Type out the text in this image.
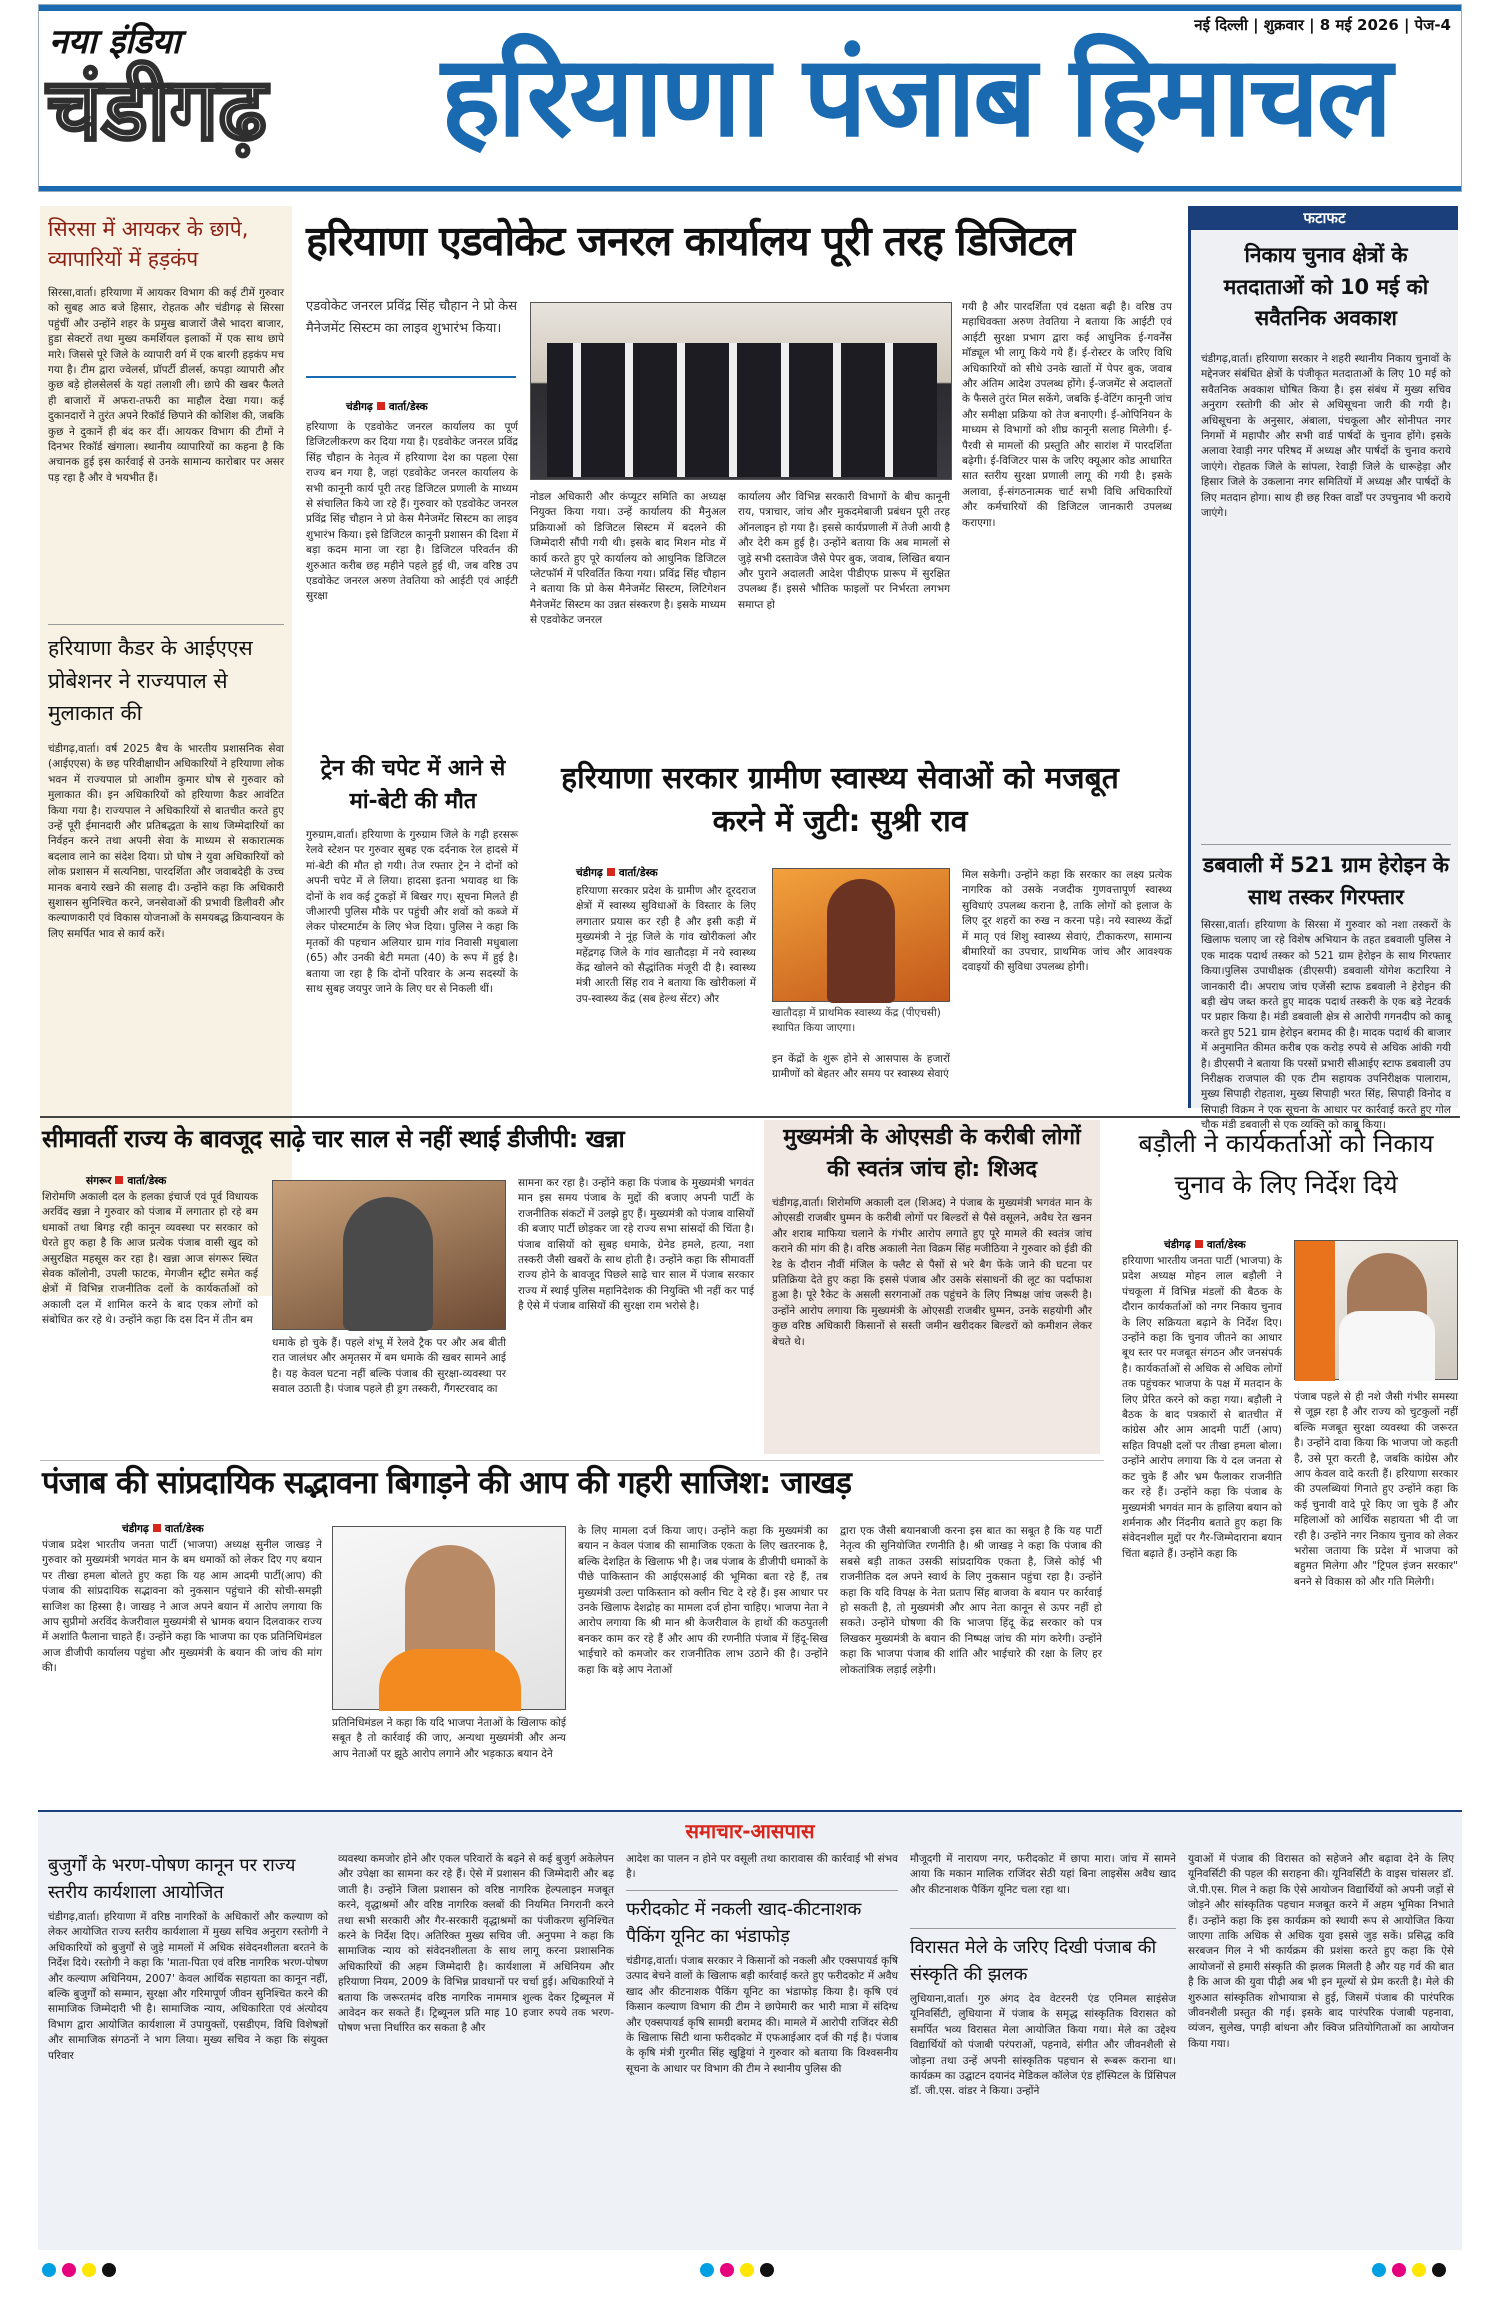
नया इंडिया
चंडीगढ़ हरियाणा पंजाब हिमाचल
नई दिल्ली | शुक्रवार | 8 मई 2026 | पेज-4
सिरसा में आयकर के छापे, व्यापारियों में हड़कंप
सिरसा,वार्ता। हरियाणा में आयकर विभाग की कई टीमें गुरुवार को सुबह आठ बजे हिसार, रोहतक और चंडीगढ़ से सिरसा पहुंचीं और उन्होंने शहर के प्रमुख बाजारों जैसे भादरा बाजार, हुडा सेक्टरों तथा मुख्य कमर्शियल इलाकों में एक साथ छापे मारे। जिससे पूरे जिले के व्यापारी वर्ग में एक बारगी हड़कंप मच गया है। टीम द्वारा ज्वेलर्स, प्रॉपर्टी डीलर्स, कपड़ा व्यापारी और कुछ बड़े होलसेलर्स के यहां तलाशी ली। छापे की खबर फैलते ही बाजारों में अफरा-तफरी का माहौल देखा गया। कई दुकानदारों ने तुरंत अपने रिकॉर्ड छिपाने की कोशिश की, जबकि कुछ ने दुकानें ही बंद कर दीं। आयकर विभाग की टीमों ने दिनभर रिकॉर्ड खंगाला। स्थानीय व्यापारियों का कहना है कि अचानक हुई इस कार्रवाई से उनके सामान्य कारोबार पर असर पड़ रहा है और वे भयभीत हैं।
हरियाणा कैडर के आईएएस प्रोबेशनर ने राज्यपाल से मुलाकात की
चंडीगढ़,वार्ता। वर्ष 2025 बैच के भारतीय प्रशासनिक सेवा (आईएएस) के छह परिवीक्षाधीन अधिकारियों ने हरियाणा लोक भवन में राज्यपाल प्रो आशीम कुमार घोष से गुरुवार को मुलाकात की। इन अधिकारियों को हरियाणा कैडर आवंटित किया गया है। राज्यपाल ने अधिकारियों से बातचीत करते हुए उन्हें पूरी ईमानदारी और प्रतिबद्धता के साथ जिम्मेदारियों का निर्वहन करने तथा अपनी सेवा के माध्यम से सकारात्मक बदलाव लाने का संदेश दिया। प्रो घोष ने युवा अधिकारियों को लोक प्रशासन में सत्यनिष्ठा, पारदर्शिता और जवाबदेही के उच्च मानक बनाये रखने की सलाह दी। उन्होंने कहा कि अधिकारी सुशासन सुनिश्चित करने, जनसेवाओं की प्रभावी डिलीवरी और कल्याणकारी एवं विकास योजनाओं के समयबद्ध क्रियान्वयन के लिए समर्पित भाव से कार्य करें।
हरियाणा एडवोकेट जनरल कार्यालय पूरी तरह डिजिटल
एडवोकेट जनरल प्रविंद्र सिंह चौहान ने प्रो केस मैनेजमेंट सिस्टम का लाइव शुभारंभ किया।
चंडीगढ़ वार्ता/डेस्क
हरियाणा के एडवोकेट जनरल कार्यालय का पूर्ण डिजिटलीकरण कर दिया गया है। एडवोकेट जनरल प्रविंद्र सिंह चौहान के नेतृत्व में हरियाणा देश का पहला ऐसा राज्य बन गया है, जहां एडवोकेट जनरल कार्यालय के सभी कानूनी कार्य पूरी तरह डिजिटल प्रणाली के माध्यम से संचालित किये जा रहे हैं। गुरुवार को एडवोकेट जनरल प्रविंद्र सिंह चौहान ने प्रो केस मैनेजमेंट सिस्टम का लाइव शुभारंभ किया। इसे डिजिटल कानूनी प्रशासन की दिशा में बड़ा कदम माना जा रहा है। डिजिटल परिवर्तन की शुरुआत करीब छह महीने पहले हुई थी, जब वरिष्ठ उप एडवोकेट जनरल अरुण तेवतिया को आईटी एवं आईटी सुरक्षा
नोडल अधिकारी और कंप्यूटर समिति का अध्यक्ष नियुक्त किया गया। उन्हें कार्यालय की मैनुअल प्रक्रियाओं को डिजिटल सिस्टम में बदलने की जिम्मेदारी सौंपी गयी थी। इसके बाद मिशन मोड में कार्य करते हुए पूरे कार्यालय को आधुनिक डिजिटल प्लेटफॉर्म में परिवर्तित किया गया। प्रविंद्र सिंह चौहान ने बताया कि प्रो केस मैनेजमेंट सिस्टम, लिटिगेशन मैनेजमेंट सिस्टम का उन्नत संस्करण है। इसके माध्यम से एडवोकेट जनरल
कार्यालय और विभिन्न सरकारी विभागों के बीच कानूनी राय, पत्राचार, जांच और मुकदमेबाजी प्रबंधन पूरी तरह ऑनलाइन हो गया है। इससे कार्यप्रणाली में तेजी आयी है और देरी कम हुई है। उन्होंने बताया कि अब मामलों से जुड़े सभी दस्तावेज जैसे पेपर बुक, जवाब, लिखित बयान और पुराने अदालती आदेश पीडीएफ प्रारूप में सुरक्षित उपलब्ध हैं। इससे भौतिक फाइलों पर निर्भरता लगभग समाप्त हो
गयी है और पारदर्शिता एवं दक्षता बढ़ी है। वरिष्ठ उप महाधिवक्ता अरुण तेवतिया ने बताया कि आईटी एवं आईटी सुरक्षा प्रभाग द्वारा कई आधुनिक ई-गवर्नेंस मॉड्यूल भी लागू किये गये हैं। ई-रोस्टर के जरिए विधि अधिकारियों को सीधे उनके खातों में पेपर बुक, जवाब और अंतिम आदेश उपलब्ध होंगे। ई-जजमेंट से अदालतों के फैसले तुरंत मिल सकेंगे, जबकि ई-वेटिंग कानूनी जांच और समीक्षा प्रक्रिया को तेज बनाएगी। ई-ओपिनियन के माध्यम से विभागों को शीघ्र कानूनी सलाह मिलेगी। ई-पैरवी से मामलों की प्रस्तुति और सारांश में पारदर्शिता बढ़ेगी। ई-विजिटर पास के जरिए क्यूआर कोड आधारित सात स्तरीय सुरक्षा प्रणाली लागू की गयी है। इसके अलावा, ई-संगठनात्मक चार्ट सभी विधि अधिकारियों और कर्मचारियों की डिजिटल जानकारी उपलब्ध कराएगा।
ट्रेन की चपेट में आने से मां-बेटी की मौत
गुरुग्राम,वार्ता। हरियाणा के गुरुग्राम जिले के गढ़ी हरसरू रेलवे स्टेशन पर गुरुवार सुबह एक दर्दनाक रेल हादसे में मां-बेटी की मौत हो गयी। तेज रफ्तार ट्रेन ने दोनों को अपनी चपेट में ले लिया। हादसा इतना भयावह था कि दोनों के शव कई टुकड़ों में बिखर गए। सूचना मिलते ही जीआरपी पुलिस मौके पर पहुंची और शवों को कब्जे में लेकर पोस्टमार्टम के लिए भेज दिया। पुलिस ने कहा कि मृतकों की पहचान अलियार ग्राम गांव निवासी मधुबाला (65) और उनकी बेटी ममता (40) के रूप में हुई है। बताया जा रहा है कि दोनों परिवार के अन्य सदस्यों के साथ सुबह जयपुर जाने के लिए घर से निकली थीं।
हरियाणा सरकार ग्रामीण स्वास्थ्य सेवाओं को मजबूत करने में जुटी: सुश्री राव
चंडीगढ़ वार्ता/डेस्क
हरियाणा सरकार प्रदेश के ग्रामीण और दूरदराज क्षेत्रों में स्वास्थ्य सुविधाओं के विस्तार के लिए लगातार प्रयास कर रही है और इसी कड़ी में मुख्यमंत्री ने नूंह जिले के गांव खोरीकलां और महेंद्रगढ़ जिले के गांव खातौदड़ा में नये स्वास्थ्य केंद्र खोलने को सैद्धांतिक मंजूरी दी है। स्वास्थ्य मंत्री आरती सिंह राव ने बताया कि खोरीकलां में उप-स्वास्थ्य केंद्र (सब हेल्थ सेंटर) और
खातौदड़ा में प्राथमिक स्वास्थ्य केंद्र (पीएचसी) स्थापित किया जाएगा।
इन केंद्रों के शुरू होने से आसपास के हजारों ग्रामीणों को बेहतर और समय पर स्वास्थ्य सेवाएं
मिल सकेगी। उन्होंने कहा कि सरकार का लक्ष्य प्रत्येक नागरिक को उसके नजदीक गुणवत्तापूर्ण स्वास्थ्य सुविधाएं उपलब्ध कराना है, ताकि लोगों को इलाज के लिए दूर शहरों का रुख न करना पड़े। नये स्वास्थ्य केंद्रों में मातृ एवं शिशु स्वास्थ्य सेवाएं, टीकाकरण, सामान्य बीमारियों का उपचार, प्राथमिक जांच और आवश्यक दवाइयों की सुविधा उपलब्ध होगी।
फटाफट
निकाय चुनाव क्षेत्रों के मतदाताओं को 10 मई को सवैतनिक अवकाश
चंडीगढ़,वार्ता। हरियाणा सरकार ने शहरी स्थानीय निकाय चुनावों के मद्देनजर संबंधित क्षेत्रों के पंजीकृत मतदाताओं के लिए 10 मई को सवैतनिक अवकाश घोषित किया है। इस संबंध में मुख्य सचिव अनुराग रस्तोगी की ओर से अधिसूचना जारी की गयी है। अधिसूचना के अनुसार, अंबाला, पंचकूला और सोनीपत नगर निगमों में महापौर और सभी वार्ड पार्षदों के चुनाव होंगे। इसके अलावा रेवाड़ी नगर परिषद में अध्यक्ष और पार्षदों के चुनाव कराये जाएंगे। रोहतक जिले के सांपला, रेवाड़ी जिले के धारूहेड़ा और हिसार जिले के उकलाना नगर समितियों में अध्यक्ष और पार्षदों के लिए मतदान होगा। साथ ही छह रिक्त वार्डों पर उपचुनाव भी कराये जाएंगे।
डबवाली में 521 ग्राम हेरोइन के साथ तस्कर गिरफ्तार
सिरसा,वार्ता। हरियाणा के सिरसा में गुरुवार को नशा तस्करों के खिलाफ चलाए जा रहे विशेष अभियान के तहत डबवाली पुलिस ने एक मादक पदार्थ तस्कर को 521 ग्राम हेरोइन के साथ गिरफ्तार किया।पुलिस उपाधीक्षक (डीएसपी) डबवाली योगेश कटारिया ने जानकारी दी। अपराध जांच एजेंसी स्टाफ डबवाली ने हेरोइन की बड़ी खेप जब्त करते हुए मादक पदार्थ तस्करी के एक बड़े नेटवर्क पर प्रहार किया है। मंडी डबवाली क्षेत्र से आरोपी गगनदीप को काबू करते हुए 521 ग्राम हेरोइन बरामद की है। मादक पदार्थ की बाजार में अनुमानित कीमत करीब एक करोड़ रुपये से अधिक आंकी गयी है। डीएसपी ने बताया कि परसों प्रभारी सीआईए स्टाफ डबवाली उप निरीक्षक राजपाल की एक टीम सहायक उपनिरीक्षक पालाराम, मुख्य सिपाही रोहताश, मुख्य सिपाही भरत सिंह, सिपाही विनोद व सिपाही विक्रम ने एक सूचना के आधार पर कार्रवाई करते हुए गोल चौक मंडी डबवाली से एक व्यक्ति को काबू किया।
सीमावर्ती राज्य के बावजूद साढ़े चार साल से नहीं स्थाई डीजीपी: खन्ना
संगरूर वार्ता/डेस्क
शिरोमणि अकाली दल के हलका इंचार्ज एवं पूर्व विधायक अरविंद खन्ना ने गुरुवार को पंजाब में लगातार हो रहे बम धमाकों तथा बिगड़ रही कानून व्यवस्था पर सरकार को घेरते हुए कहा है कि आज प्रत्येक पंजाब वासी खुद को असुरक्षित महसूस कर रहा है। खन्ना आज संगरूर स्थित सेवक कॉलोनी, उपली फाटक, मेगजीन स्ट्रीट समेत कई क्षेत्रों में विभिन्न राजनीतिक दलों के कार्यकर्ताओं को अकाली दल में शामिल करने के बाद एकत्र लोगों को संबोधित कर रहे थे। उन्होंने कहा कि दस दिन में तीन बम
धमाके हो चुके हैं। पहले शंभू में रेलवे ट्रैक पर और अब बीती रात जालंधर और अमृतसर में बम धमाके की खबर सामने आई है। यह केवल घटना नहीं बल्कि पंजाब की सुरक्षा-व्यवस्था पर सवाल उठाती है। पंजाब पहले ही ड्रग तस्करी, गैंगस्टरवाद का
सामना कर रहा है। उन्होंने कहा कि पंजाब के मुख्यमंत्री भगवंत मान इस समय पंजाब के मुद्दों की बजाए अपनी पार्टी के राजनीतिक संकटों में उलझे हुए हैं। मुख्यमंत्री को पंजाब वासियों की बजाए पार्टी छोड़कर जा रहे राज्य सभा सांसदों की चिंता है। पंजाब वासियों को सुबह धमाके, ग्रेनेड हमले, हत्या, नशा तस्करी जैसी खबरों के साथ होती है। उन्होंने कहा कि सीमावर्ती राज्य होने के बावजूद पिछले साढ़े चार साल में पंजाब सरकार राज्य में स्थाई पुलिस महानिदेशक की नियुक्ति भी नहीं कर पाई है ऐसे में पंजाब वासियों की सुरक्षा राम भरोसे है।
मुख्यमंत्री के ओएसडी के करीबी लोगों की स्वतंत्र जांच हो: शिअद
चंडीगढ़,वार्ता। शिरोमणि अकाली दल (शिअद) ने पंजाब के मुख्यमंत्री भगवंत मान के ओएसडी राजबीर घुम्मन के करीबी लोगों पर बिल्डरों से पैसे वसूलने, अवैध रेत खनन और शराब माफिया चलाने के गंभीर आरोप लगाते हुए पूरे मामले की स्वतंत्र जांच कराने की मांग की है। वरिष्ठ अकाली नेता विक्रम सिंह मजीठिया ने गुरुवार को ईडी की रेड के दौरान नौवीं मंजिल के फ्लैट से पैसों से भरे बैग फेंके जाने की घटना पर प्रतिक्रिया देते हुए कहा कि इससे पंजाब और उसके संसाधनों की लूट का पर्दाफाश हुआ है। पूरे रैकेट के असली सरगनाओं तक पहुंचने के लिए निष्पक्ष जांच जरूरी है। उन्होंने आरोप लगाया कि मुख्यमंत्री के ओएसडी राजबीर घुम्मन, उनके सहयोगी और कुछ वरिष्ठ अधिकारी किसानों से सस्ती जमीन खरीदकर बिल्डरों को कमीशन लेकर बेचते थे।
बड़ौली ने कार्यकर्ताओं को निकाय चुनाव के लिए निर्देश दिये
चंडीगढ़ वार्ता/डेस्क
हरियाणा भारतीय जनता पार्टी (भाजपा) के प्रदेश अध्यक्ष मोहन लाल बड़ौली ने पंचकूला में विभिन्न मंडलों की बैठक के दौरान कार्यकर्ताओं को नगर निकाय चुनाव के लिए सक्रियता बढ़ाने के निर्देश दिए। उन्होंने कहा कि चुनाव जीतने का आधार बूथ स्तर पर मजबूत संगठन और जनसंपर्क है। कार्यकर्ताओं से अधिक से अधिक लोगों तक पहुंचकर भाजपा के पक्ष में मतदान के लिए प्रेरित करने को कहा गया। बड़ौली ने बैठक के बाद पत्रकारों से बातचीत में कांग्रेस और आम आदमी पार्टी (आप) सहित विपक्षी दलों पर तीखा हमला बोला। उन्होंने आरोप लगाया कि ये दल जनता से कट चुके हैं और भ्रम फैलाकर राजनीति कर रहे हैं। उन्होंने कहा कि पंजाब के मुख्यमंत्री भगवंत मान के हालिया बयान को शर्मनाक और निंदनीय बताते हुए कहा कि संवेदनशील मुद्दों पर गैर-जिम्मेदाराना बयान चिंता बढ़ाते हैं। उन्होंने कहा कि
पंजाब पहले से ही नशे जैसी गंभीर समस्या से जूझ रहा है और राज्य को चुटकुलों नहीं बल्कि मजबूत सुरक्षा व्यवस्था की जरूरत है। उन्होंने दावा किया कि भाजपा जो कहती है, उसे पूरा करती है, जबकि कांग्रेस और आप केवल वादे करती हैं। हरियाणा सरकार की उपलब्धियां गिनाते हुए उन्होंने कहा कि कई चुनावी वादे पूरे किए जा चुके हैं और महिलाओं को आर्थिक सहायता भी दी जा रही है। उन्होंने नगर निकाय चुनाव को लेकर भरोसा जताया कि प्रदेश में भाजपा को बहुमत मिलेगा और "ट्रिपल इंजन सरकार" बनने से विकास को और गति मिलेगी।
पंजाब की सांप्रदायिक सद्भावना बिगाड़ने की आप की गहरी साजिश: जाखड़
चंडीगढ़ वार्ता/डेस्क
पंजाब प्रदेश भारतीय जनता पार्टी (भाजपा) अध्यक्ष सुनील जाखड़ ने गुरुवार को मुख्यमंत्री भगवंत मान के बम धमाकों को लेकर दिए गए बयान पर तीखा हमला बोलते हुए कहा कि यह आम आदमी पार्टी(आप) की पंजाब की सांप्रदायिक सद्भावना को नुकसान पहुंचाने की सोची-समझी साजिश का हिस्सा है। जाखड़ ने आज अपने बयान में आरोप लगाया कि आप सुप्रीमो अरविंद केजरीवाल मुख्यमंत्री से भ्रामक बयान दिलवाकर राज्य में अशांति फैलाना चाहते हैं। उन्होंने कहा कि भाजपा का एक प्रतिनिधिमंडल आज डीजीपी कार्यालय पहुंचा और मुख्यमंत्री के बयान की जांच की मांग की।
प्रतिनिधिमंडल ने कहा कि यदि भाजपा नेताओं के खिलाफ कोई सबूत है तो कार्रवाई की जाए, अन्यथा मुख्यमंत्री और अन्य आप नेताओं पर झूठे आरोप लगाने और भड़काऊ बयान देने
के लिए मामला दर्ज किया जाए। उन्होंने कहा कि मुख्यमंत्री का बयान न केवल पंजाब की सामाजिक एकता के लिए खतरनाक है, बल्कि देशहित के खिलाफ भी है। जब पंजाब के डीजीपी धमाकों के पीछे पाकिस्तान की आईएसआई की भूमिका बता रहे हैं, तब मुख्यमंत्री उल्टा पाकिस्तान को क्लीन चिट दे रहे हैं। इस आधार पर उनके खिलाफ देशद्रोह का मामला दर्ज होना चाहिए। भाजपा नेता ने आरोप लगाया कि श्री मान श्री केजरीवाल के हाथों की कठपुतली बनकर काम कर रहे हैं और आप की रणनीति पंजाब में हिंदू-सिख भाईचारे को कमजोर कर राजनीतिक लाभ उठाने की है। उन्होंने कहा कि बड़े आप नेताओं
द्वारा एक जैसी बयानबाजी करना इस बात का सबूत है कि यह पार्टी नेतृत्व की सुनियोजित रणनीति है। श्री जाखड़ ने कहा कि पंजाब की सबसे बड़ी ताकत उसकी सांप्रदायिक एकता है, जिसे कोई भी राजनीतिक दल अपने स्वार्थ के लिए नुकसान पहुंचा रहा है। उन्होंने कहा कि यदि विपक्ष के नेता प्रताप सिंह बाजवा के बयान पर कार्रवाई हो सकती है, तो मुख्यमंत्री और आप नेता कानून से ऊपर नहीं हो सकते। उन्होंने घोषणा की कि भाजपा हिंदू केंद्र सरकार को पत्र लिखकर मुख्यमंत्री के बयान की निष्पक्ष जांच की मांग करेगी। उन्होंने कहा कि भाजपा पंजाब की शांति और भाईचारे की रक्षा के लिए हर लोकतांत्रिक लड़ाई लड़ेगी।
समाचार-आसपास
बुजुर्गों के भरण-पोषण कानून पर राज्य स्तरीय कार्यशाला आयोजित
चंडीगढ़,वार्ता। हरियाणा में वरिष्ठ नागरिकों के अधिकारों और कल्याण को लेकर आयोजित राज्य स्तरीय कार्यशाला में मुख्य सचिव अनुराग रस्तोगी ने अधिकारियों को बुजुर्गों से जुड़े मामलों में अधिक संवेदनशीलता बरतने के निर्देश दिये। रस्तोगी ने कहा कि 'माता-पिता एवं वरिष्ठ नागरिक भरण-पोषण और कल्याण अधिनियम, 2007' केवल आर्थिक सहायता का कानून नहीं, बल्कि बुजुर्गों को सम्मान, सुरक्षा और गरिमापूर्ण जीवन सुनिश्चित करने की सामाजिक जिम्मेदारी भी है। सामाजिक न्याय, अधिकारिता एवं अंत्योदय विभाग द्वारा आयोजित कार्यशाला में उपायुक्तों, एसडीएम, विधि विशेषज्ञों और सामाजिक संगठनों ने भाग लिया। मुख्य सचिव ने कहा कि संयुक्त परिवार
व्यवस्था कमजोर होने और एकल परिवारों के बढ़ने से कई बुजुर्ग अकेलेपन और उपेक्षा का सामना कर रहे हैं। ऐसे में प्रशासन की जिम्मेदारी और बढ़ जाती है। उन्होंने जिला प्रशासन को वरिष्ठ नागरिक हेल्पलाइन मजबूत करने, वृद्धाश्रमों और वरिष्ठ नागरिक क्लबों की नियमित निगरानी करने तथा सभी सरकारी और गैर-सरकारी वृद्धाश्रमों का पंजीकरण सुनिश्चित करने के निर्देश दिए। अतिरिक्त मुख्य सचिव जी. अनुपमा ने कहा कि सामाजिक न्याय को संवेदनशीलता के साथ लागू करना प्रशासनिक अधिकारियों की अहम जिम्मेदारी है। कार्यशाला में अधिनियम और हरियाणा नियम, 2009 के विभिन्न प्रावधानों पर चर्चा हुई। अधिकारियों ने बताया कि जरूरतमंद वरिष्ठ नागरिक नाममात्र शुल्क देकर ट्रिब्यूनल में आवेदन कर सकते हैं। ट्रिब्यूनल प्रति माह 10 हजार रुपये तक भरण-पोषण भत्ता निर्धारित कर सकता है और
आदेश का पालन न होने पर वसूली तथा कारावास की कार्रवाई भी संभव है।
फरीदकोट में नकली खाद-कीटनाशक पैकिंग यूनिट का भंडाफोड़
चंडीगढ़,वार्ता। पंजाब सरकार ने किसानों को नकली और एक्सपायर्ड कृषि उत्पाद बेचने वालों के खिलाफ बड़ी कार्रवाई करते हुए फरीदकोट में अवैध खाद और कीटनाशक पैकिंग यूनिट का भंडाफोड़ किया है। कृषि एवं किसान कल्याण विभाग की टीम ने छापेमारी कर भारी मात्रा में संदिग्ध और एक्सपायर्ड कृषि सामग्री बरामद की। मामले में आरोपी राजिंदर सेठी के खिलाफ सिटी थाना फरीदकोट में एफआईआर दर्ज की गई है। पंजाब के कृषि मंत्री गुरमीत सिंह खुड्डियां ने गुरुवार को बताया कि विश्वसनीय सूचना के आधार पर विभाग की टीम ने स्थानीय पुलिस की
मौजूदगी में नारायण नगर, फरीदकोट में छापा मारा। जांच में सामने आया कि मकान मालिक राजिंदर सेठी यहां बिना लाइसेंस अवैध खाद और कीटनाशक पैकिंग यूनिट चला रहा था।
विरासत मेले के जरिए दिखी पंजाब की संस्कृति की झलक
लुधियाना,वार्ता। गुरु अंगद देव वेटरनरी एंड एनिमल साइंसेज यूनिवर्सिटी, लुधियाना में पंजाब के समृद्ध सांस्कृतिक विरासत को समर्पित भव्य विरासत मेला आयोजित किया गया। मेले का उद्देश्य विद्यार्थियों को पंजाबी परंपराओं, पहनावे, संगीत और जीवनशैली से जोड़ना तथा उन्हें अपनी सांस्कृतिक पहचान से रूबरू कराना था। कार्यक्रम का उद्घाटन दयानंद मेडिकल कॉलेज एंड हॉस्पिटल के प्रिंसिपल डॉ. जी.एस. वांडर ने किया। उन्होंने
युवाओं में पंजाब की विरासत को सहेजने और बढ़ावा देने के लिए यूनिवर्सिटी की पहल की सराहना की। यूनिवर्सिटी के वाइस चांसलर डॉ. जे.पी.एस. गिल ने कहा कि ऐसे आयोजन विद्यार्थियों को अपनी जड़ों से जोड़ने और सांस्कृतिक पहचान मजबूत करने में अहम भूमिका निभाते हैं। उन्होंने कहा कि इस कार्यक्रम को स्थायी रूप से आयोजित किया जाएगा ताकि अधिक से अधिक युवा इससे जुड़ सकें। प्रसिद्ध कवि सरबजन गिल ने भी कार्यक्रम की प्रशंसा करते हुए कहा कि ऐसे आयोजनों से हमारी संस्कृति की झलक मिलती है और यह गर्व की बात है कि आज की युवा पीढ़ी अब भी इन मूल्यों से प्रेम करती है। मेले की शुरुआत सांस्कृतिक शोभायात्रा से हुई, जिसमें पंजाब की पारंपरिक जीवनशैली प्रस्तुत की गई। इसके बाद पारंपरिक पंजाबी पहनावा, व्यंजन, सुलेख, पगड़ी बांधना और क्विज प्रतियोगिताओं का आयोजन किया गया।
